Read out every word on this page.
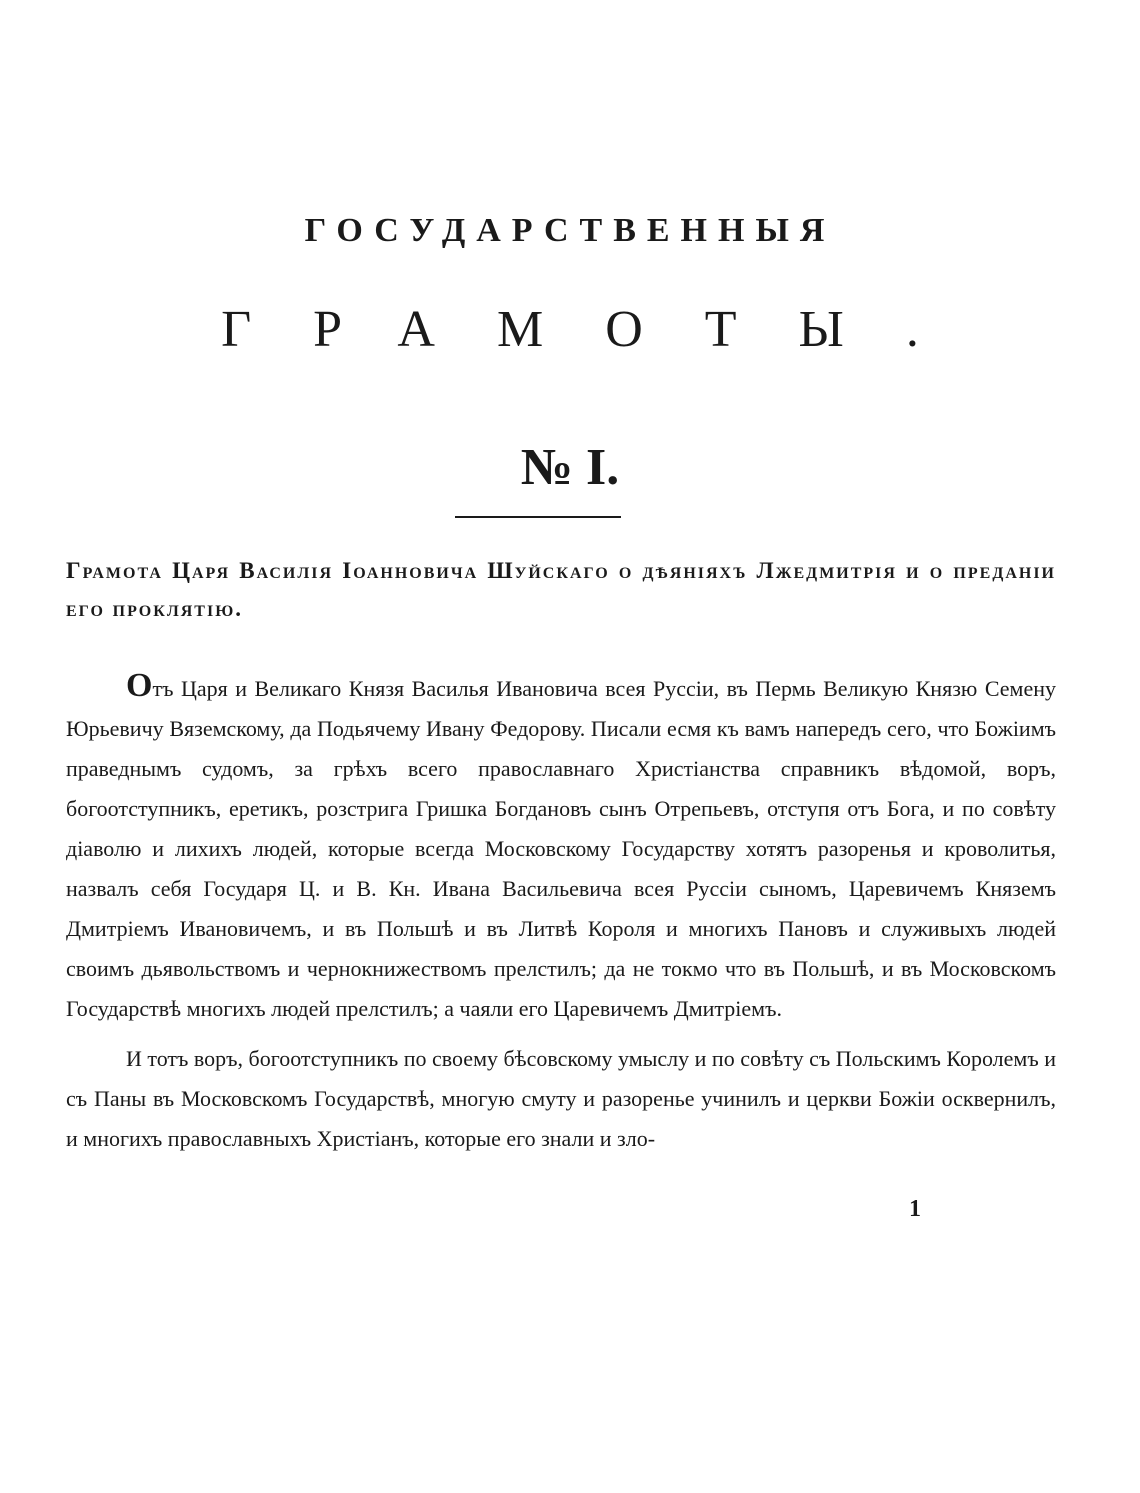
ГОСУДАРСТВЕННЫЯ
ГРАМОТЫ.
№ I.
Грамота Царя Василія Іоанновича Шуйскаго о дѣяніяхъ Лжедмитрія и о преданіи его проклятію.

Отъ Царя и Великаго Князя Василья Ивановича всея Руссіи, въ Пермь Великую Князю Семену Юрьевичу Вяземскому, да Подьячему Ивану Федорову. Писали есмя къ вамъ напередъ сего, что Божіимъ праведнымъ судомъ, за грѣхъ всего православнаго Христіанства справникъ вѣдомой, воръ, богоотступникъ, еретикъ, розстрига Гришка Богдановъ сынъ Отрепьевъ, отступя отъ Бога, и по совѣту діаволю и лихихъ людей, которые всегда Московскому Государству хотятъ разоренья и кроволитья, назвалъ себя Государя Ц. и В. Кн. Ивана Васильевича всея Руссіи сыномъ, Царевичемъ Княземъ Дмитріемъ Ивановичемъ, и въ Польшѣ и въ Литвѣ Короля и многихъ Пановъ и служивыхъ людей своимъ дьявольствомъ и чернокнижествомъ прелстилъ; да не токмо что въ Польшѣ, и въ Московскомъ Государствѣ многихъ людей прелстилъ; а чаяли его Царевичемъ Дмитріемъ.

И тотъ воръ, богоотступникъ по своему бѣсовскому умыслу и по совѣту съ Польскимъ Королемъ и съ Паны въ Московскомъ Государствѣ, многую смуту и разоренье учинилъ и церкви Божіи осквернилъ, и многихъ православныхъ Христіанъ, которые его знали и зло-

1
